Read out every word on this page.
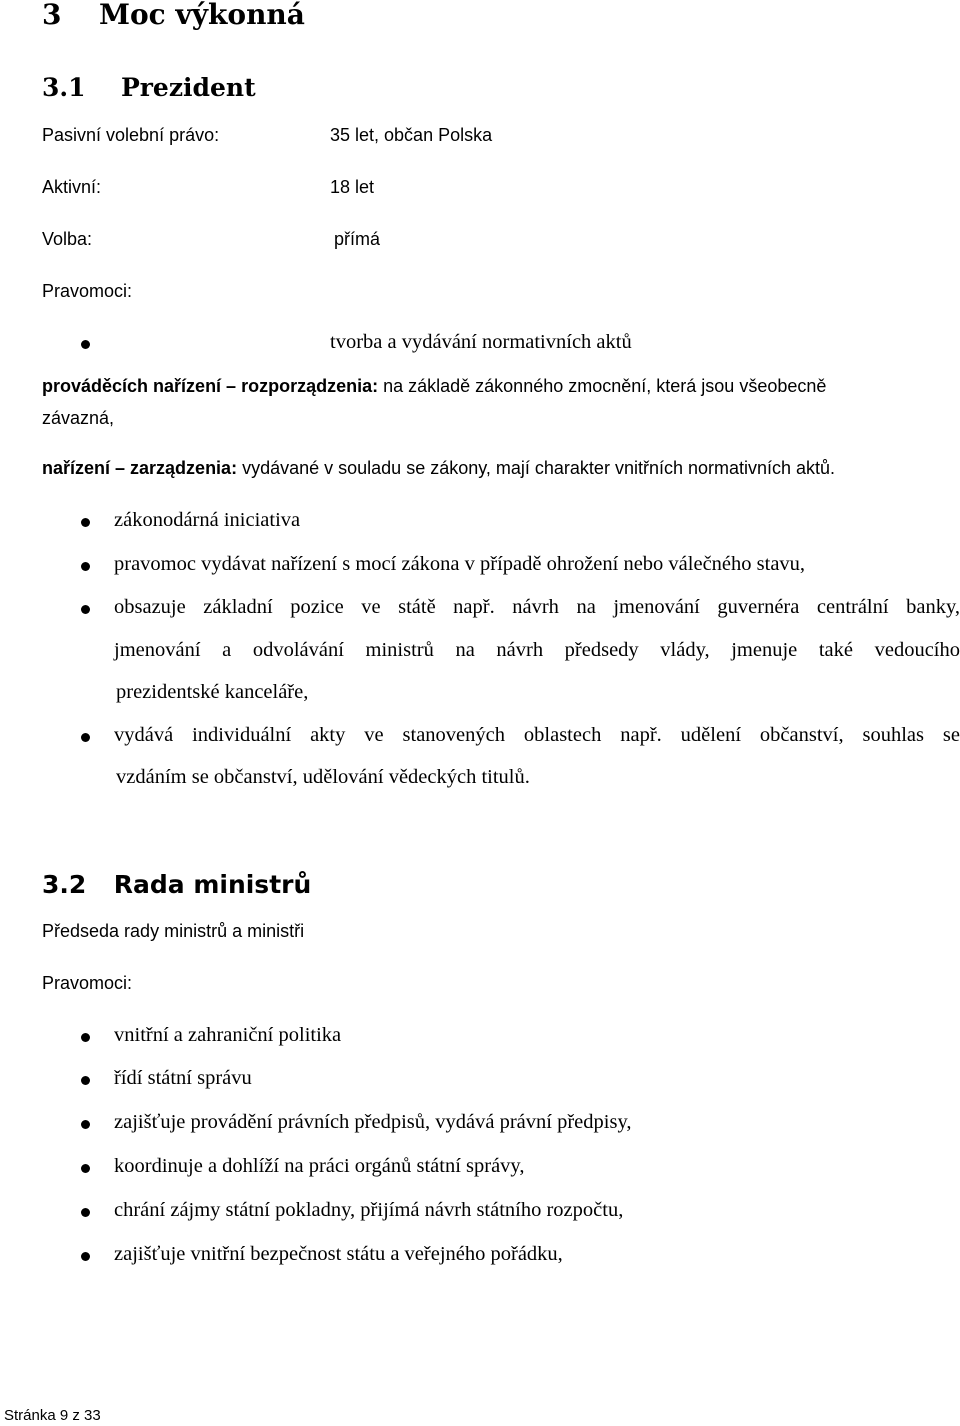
3 Moc výkonná
3.1 Prezident
Pasivní volební právo:	35 let, občan Polska
Aktivní:	18 let
Volba:	přímá
Pravomoci:
tvorba a vydávání normativních aktů
prováděcích nařízení – rozporządzenia: na základě zákonného zmocnění, která jsou všeobecně
závazná,
nařízení – zarządzenia: vydávané v souladu se zákony, mají charakter vnitřních normativních aktů.
zákonodárná iniciativa
pravomoc vydávat nařízení s mocí zákona v případě ohrožení nebo válečného stavu,
obsazuje základní pozice ve státě např. návrh na jmenování guvernéra centrální banky,
jmenování a odvolávání ministrů na návrh předsedy vlády, jmenuje také vedoucího
prezidentské kanceláře,
vydává individuální akty ve stanovených oblastech např. udělení občanství, souhlas se
vzdáním se občanství, udělování vědeckých titulů.
3.2 Rada ministrů
Předseda rady ministrů a ministři
Pravomoci:
vnitřní a zahraniční politika
řídí státní správu
zajišťuje provádění právních předpisů, vydává právní předpisy,
koordinuje a dohlíží na práci orgánů státní správy,
chrání zájmy státní pokladny, přijímá návrh státního rozpočtu,
zajišťuje vnitřní bezpečnost státu a veřejného pořádku,
Stránka 9 z 33
